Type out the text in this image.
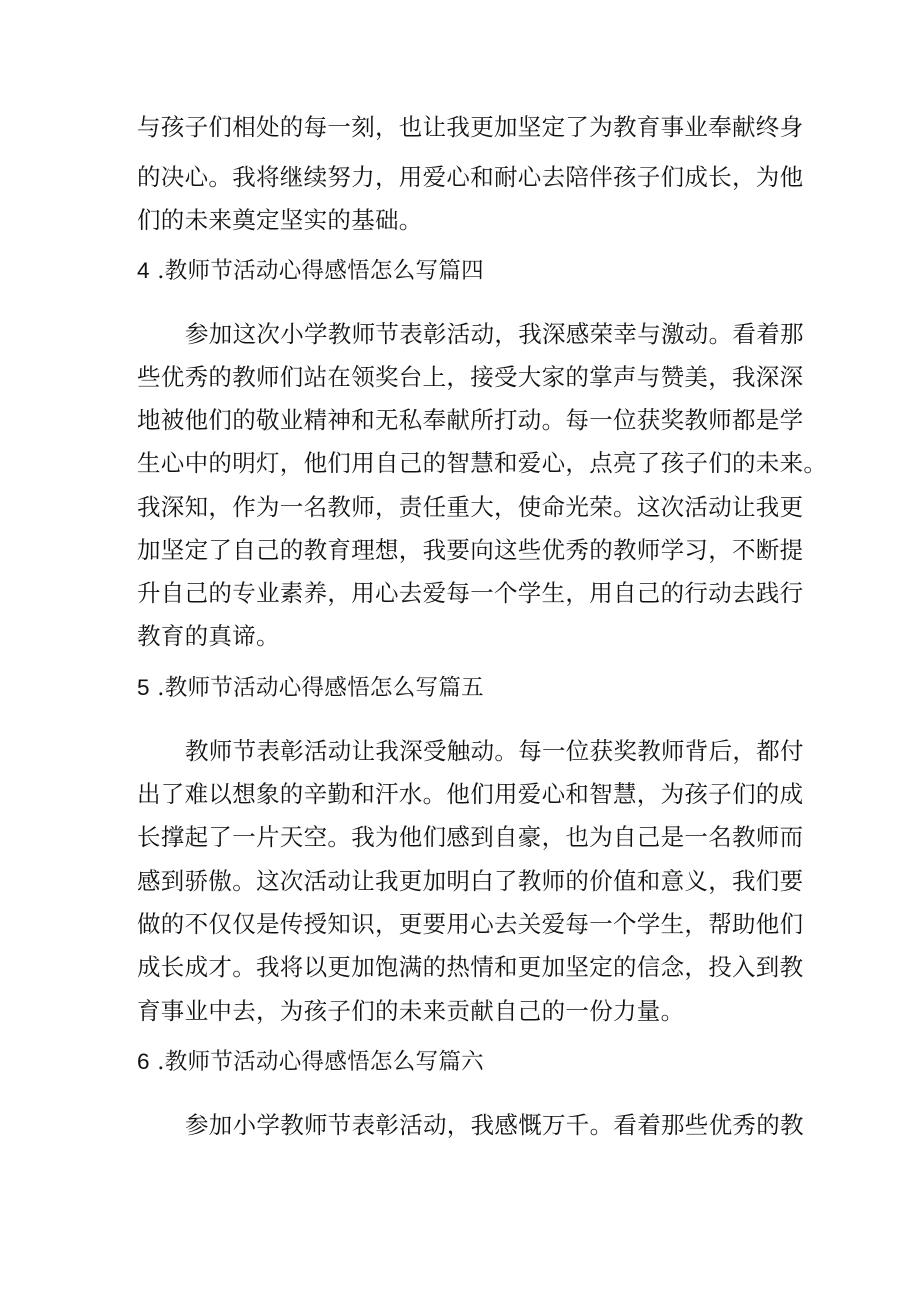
与孩子们相处的每一刻，也让我更加坚定了为教育事业奉献终身
的决心。我将继续努力，用爱心和耐心去陪伴孩子们成长，为他
们的未来奠定坚实的基础。
4 .教师节活动心得感悟怎么写篇四
参加这次小学教师节表彰活动，我深感荣幸与激动。看着那
些优秀的教师们站在领奖台上，接受大家的掌声与赞美，我深深
地被他们的敬业精神和无私奉献所打动。每一位获奖教师都是学
生心中的明灯，他们用自己的智慧和爱心，点亮了孩子们的未来。
我深知，作为一名教师，责任重大，使命光荣。这次活动让我更
加坚定了自己的教育理想，我要向这些优秀的教师学习，不断提
升自己的专业素养，用心去爱每一个学生，用自己的行动去践行
教育的真谛。
5 .教师节活动心得感悟怎么写篇五
教师节表彰活动让我深受触动。每一位获奖教师背后，都付
出了难以想象的辛勤和汗水。他们用爱心和智慧，为孩子们的成
长撑起了一片天空。我为他们感到自豪，也为自己是一名教师而
感到骄傲。这次活动让我更加明白了教师的价值和意义，我们要
做的不仅仅是传授知识，更要用心去关爱每一个学生，帮助他们
成长成才。我将以更加饱满的热情和更加坚定的信念，投入到教
育事业中去，为孩子们的未来贡献自己的一份力量。
6 .教师节活动心得感悟怎么写篇六
参加小学教师节表彰活动，我感慨万千。看着那些优秀的教
